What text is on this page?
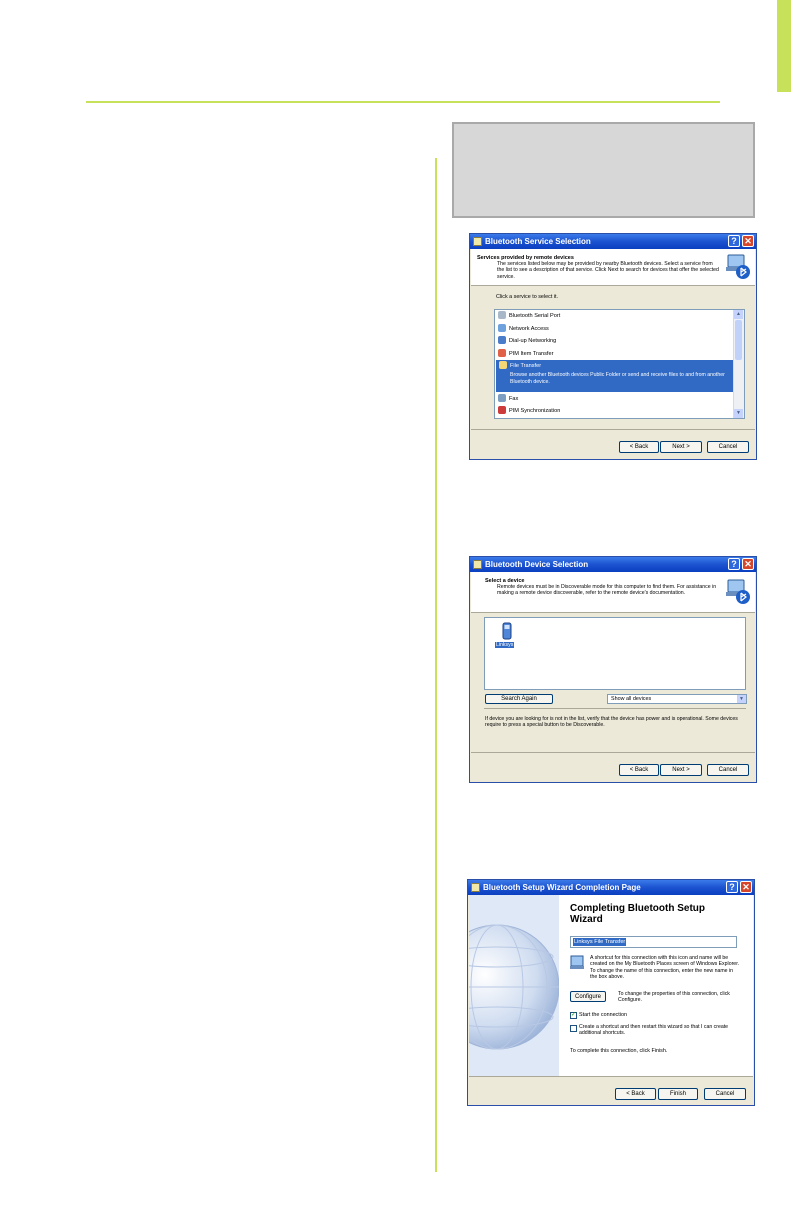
Bluetooth Service Selection	? ✕
Services provided by remote devices
The services listed below may be provided by nearby Bluetooth devices. Select a service from the list to see a description of that service. Click Next to search for devices that offer the selected service.
Click a service to select it.
Bluetooth Serial Port
Network Access
Dial-up Networking
PIM Item Transfer
File Transfer
Browse another Bluetooth devices Public Folder or send and receive files to and from another Bluetooth device.
Fax
PIM Synchronization
▲
▼
< Back	Next >	Cancel
Bluetooth Device Selection	? ✕
Select a device
Remote devices must be in Discoverable mode for this computer to find them. For assistance in making a remote device discoverable, refer to the remote device's documentation.
Linksys
Search Again	Show all devices	▼
If device you are looking for is not in the list, verify that the device has power and is operational. Some devices require to press a special button to be Discoverable.
< Back	Next >	Cancel
Bluetooth Setup Wizard Completion Page	? ✕
Completing Bluetooth Setup Wizard
Linksys File Transfer
A shortcut for this connection with this icon and name will be created on the My Bluetooth Places screen of Windows Explorer. To change the name of this connection, enter the new name in the box above.
Configure	To change the properties of this connection, click Configure.
✓ Start the connection
Create a shortcut and then restart this wizard so that I can create additional shortcuts.
To complete this connection, click Finish.
< Back	Finish	Cancel
